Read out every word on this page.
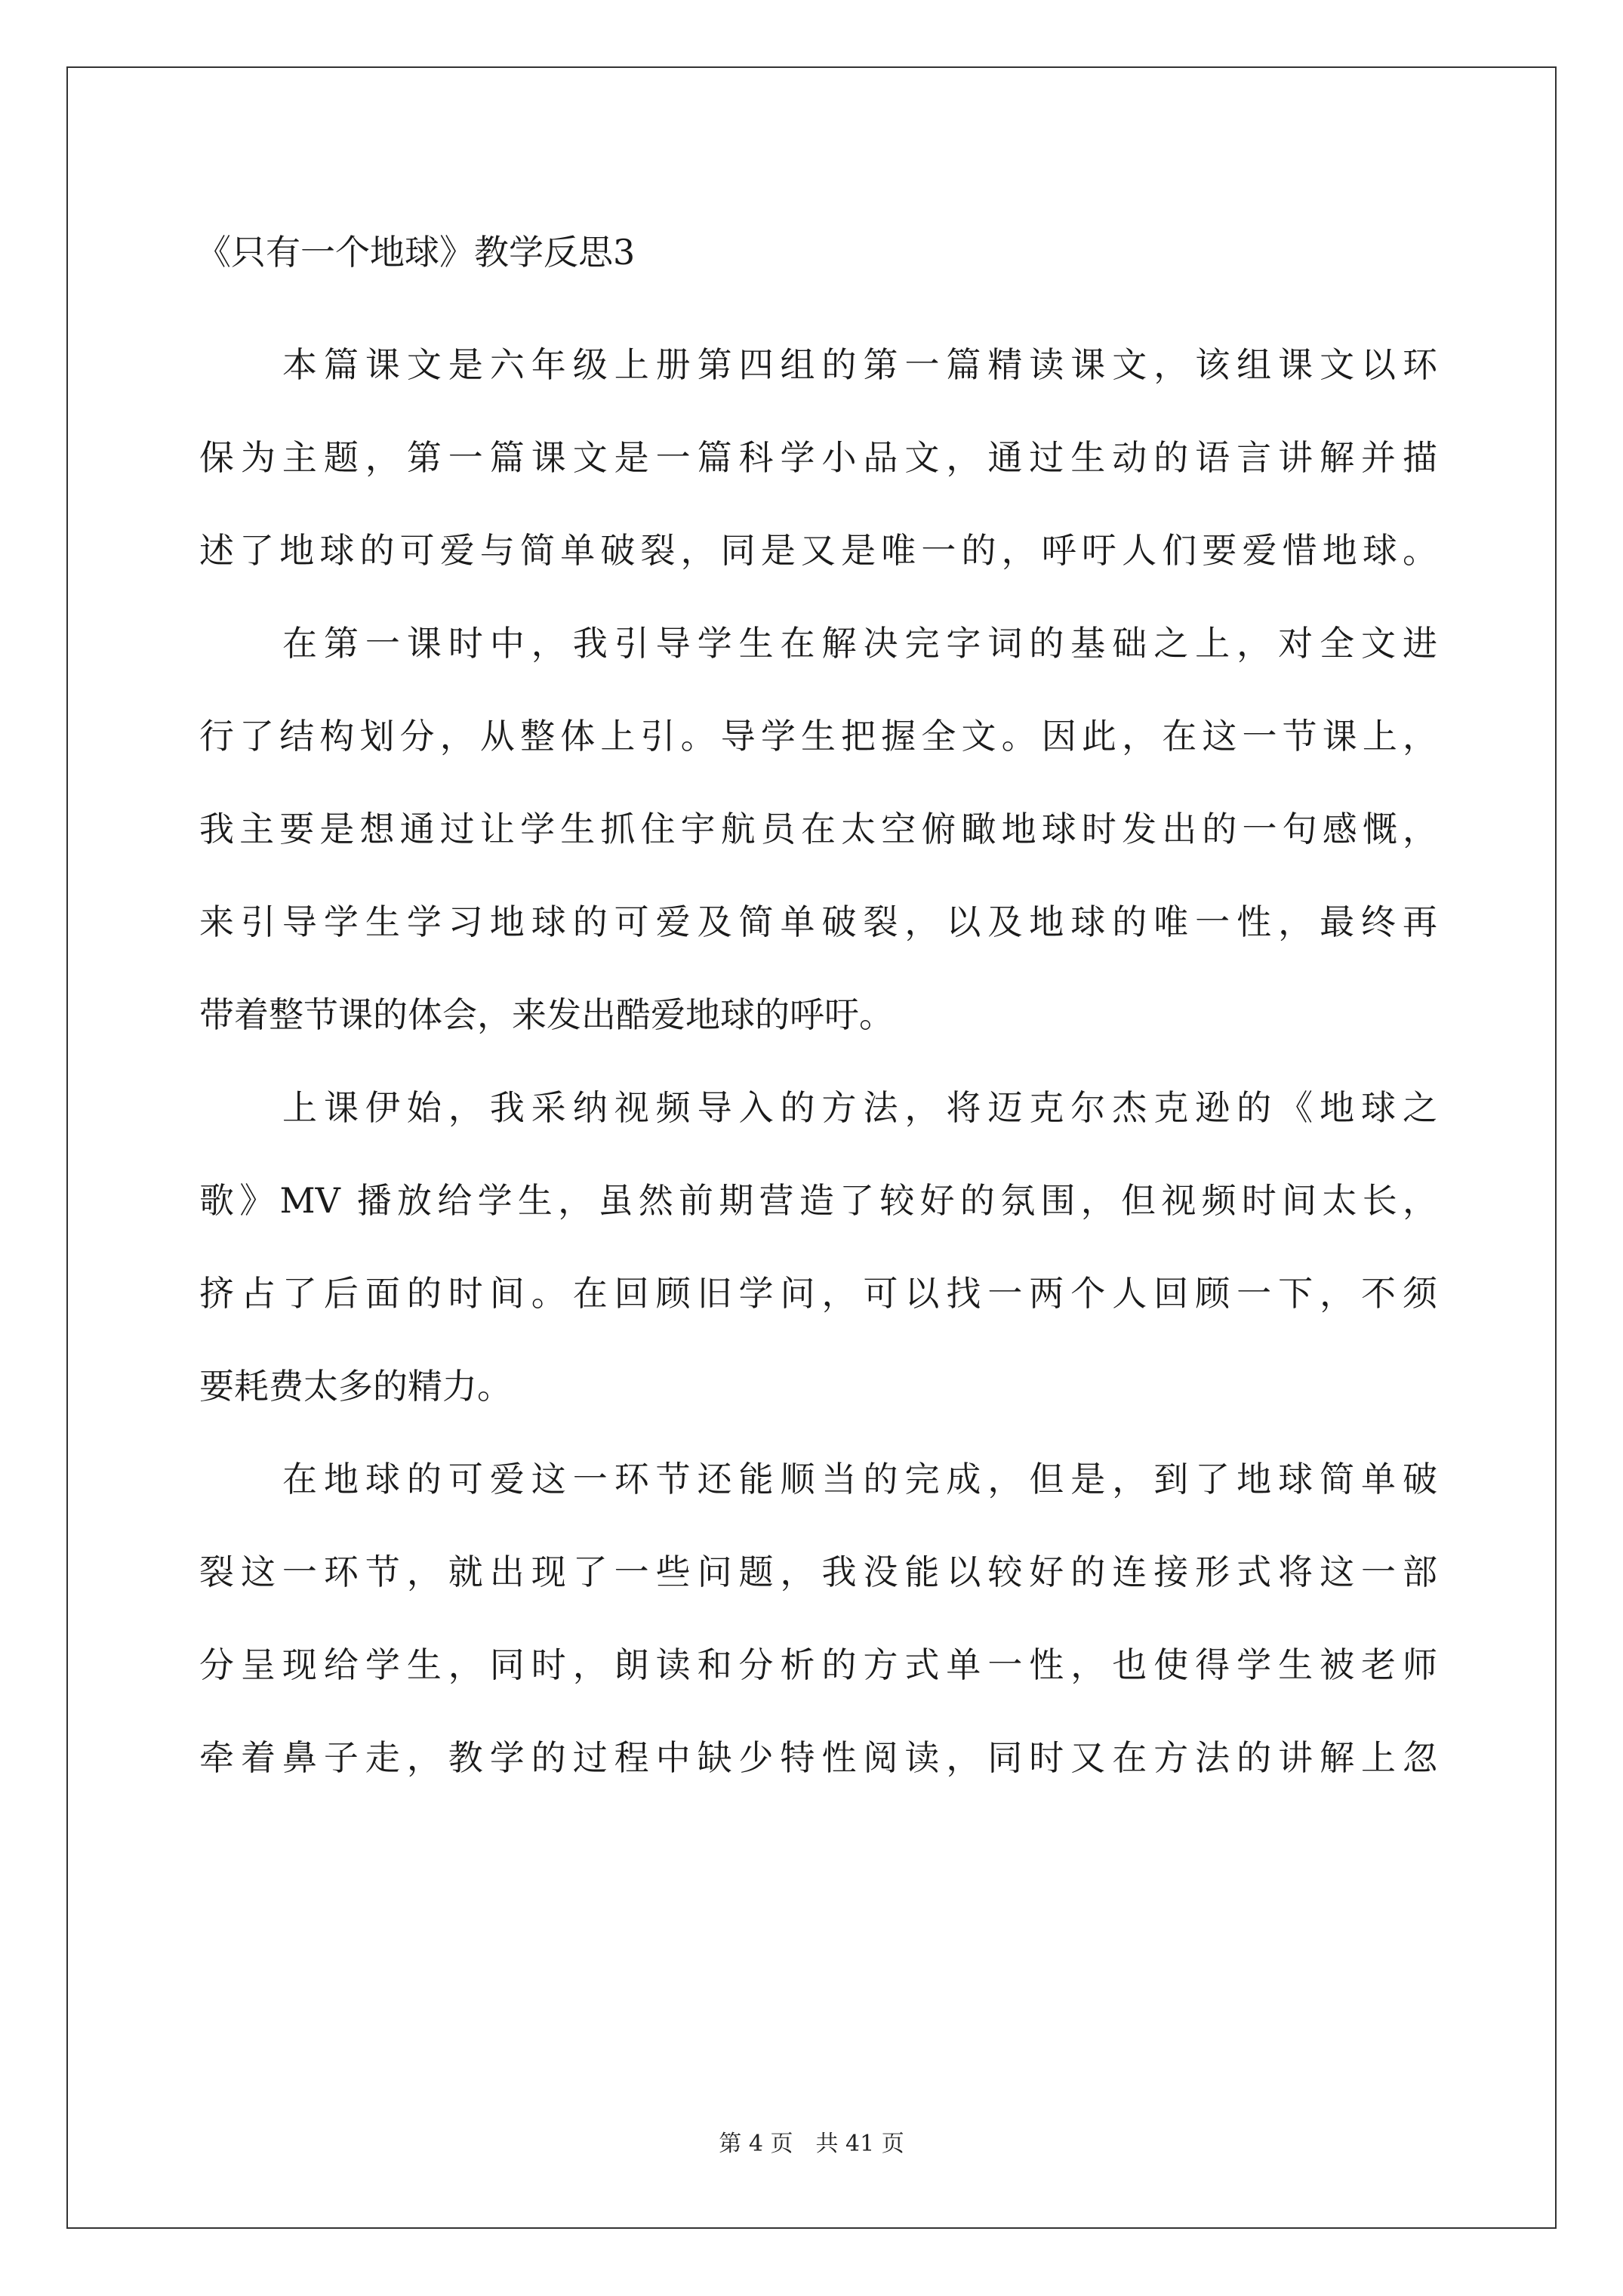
《只有一个地球》教学反思3
本篇课文是六年级上册第四组的第一篇精读课文，该组课文以环
保为主题，第一篇课文是一篇科学小品文，通过生动的语言讲解并描
述了地球的可爱与简单破裂，同是又是唯一的，呼吁人们要爱惜地球。
在第一课时中，我引导学生在解决完字词的基础之上，对全文进
行了结构划分，从整体上引。导学生把握全文。因此，在这一节课上，
我主要是想通过让学生抓住宇航员在太空俯瞰地球时发出的一句感慨，
来引导学生学习地球的可爱及简单破裂，以及地球的唯一性，最终再
带着整节课的体会，来发出酷爱地球的呼吁。
上课伊始，我采纳视频导入的方法，将迈克尔杰克逊的《地球之
歌》MV 播放给学生，虽然前期营造了较好的氛围，但视频时间太长，
挤占了后面的时间。在回顾旧学问，可以找一两个人回顾一下，不须
要耗费太多的精力。
在地球的可爱这一环节还能顺当的完成，但是，到了地球简单破
裂这一环节，就出现了一些问题，我没能以较好的连接形式将这一部
分呈现给学生，同时，朗读和分析的方式单一性，也使得学生被老师
牵着鼻子走，教学的过程中缺少特性阅读，同时又在方法的讲解上忽
第 4 页　共 41 页
